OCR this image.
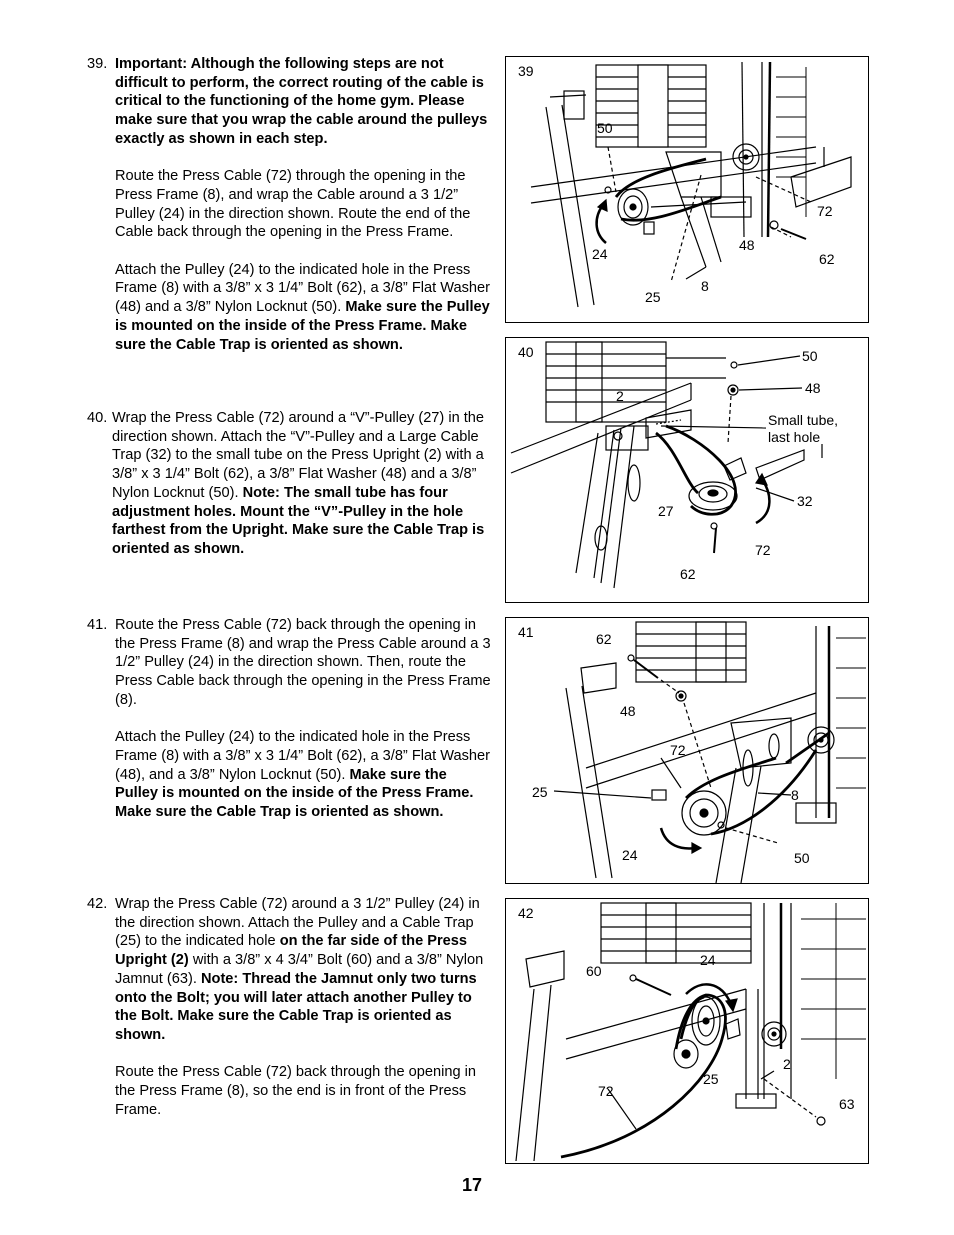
39. Important: Although the following steps are not difficult to perform, the correct routing of the cable is critical to the functioning of the home gym. Please make sure that you wrap the cable around the pulleys exactly as shown in each step.

Route the Press Cable (72) through the opening in the Press Frame (8), and wrap the Cable around a 3 1/2” Pulley (24) in the direction shown. Route the end of the Cable back through the opening in the Press Frame.

Attach the Pulley (24) to the indicated hole in the Press Frame (8) with a 3/8” x 3 1/4” Bolt (62), a 3/8” Flat Washer (48) and a 3/8” Nylon Locknut (50). Make sure the Pulley is mounted on the inside of the Press Frame. Make sure the Cable Trap is oriented as shown.

40. Wrap the Press Cable (72) around a “V”-Pulley (27) in the direction shown. Attach the “V”-Pulley and a Large Cable Trap (32) to the small tube on the Press Upright (2) with a 3/8” x 3 1/4” Bolt (62), a 3/8” Flat Washer (48) and a 3/8” Nylon Locknut (50). Note: The small tube has four adjustment holes. Mount the “V”-Pulley in the hole farthest from the Upright. Make sure the Cable Trap is oriented as shown.

41. Route the Press Cable (72) back through the opening in the Press Frame (8) and wrap the Press Cable around a 3 1/2” Pulley (24) in the direction shown. Then, route the Press Cable back through the opening in the Press Frame (8).

Attach the Pulley (24) to the indicated hole in the Press Frame (8) with a 3/8” x 3 1/4” Bolt (62), a 3/8” Flat Washer (48), and a 3/8” Nylon Locknut (50). Make sure the Pulley is mounted on the inside of the Press Frame. Make sure the Cable Trap is oriented as shown.

42. Wrap the Press Cable (72) around a 3 1/2” Pulley (24) in the direction shown. Attach the Pulley and a Cable Trap (25) to the indicated hole on the far side of the Press Upright (2) with a 3/8” x 4 3/4” Bolt (60) and a 3/8” Nylon Jamnut (63). Note: Thread the Jamnut only two turns onto the Bolt; you will later attach another Pulley to the Bolt. Make sure the Cable Trap is oriented as shown.

Route the Press Cable (72) back through the opening in the Press Frame (8), so the end is in front of the Press Frame.

39
50
24
25
8
48
72
62
40
2
50
48
Small tube,
last hole
32
27
72
62
41	62
48
72
25	8
24	50
42
60
24
2
25
72
63
17
